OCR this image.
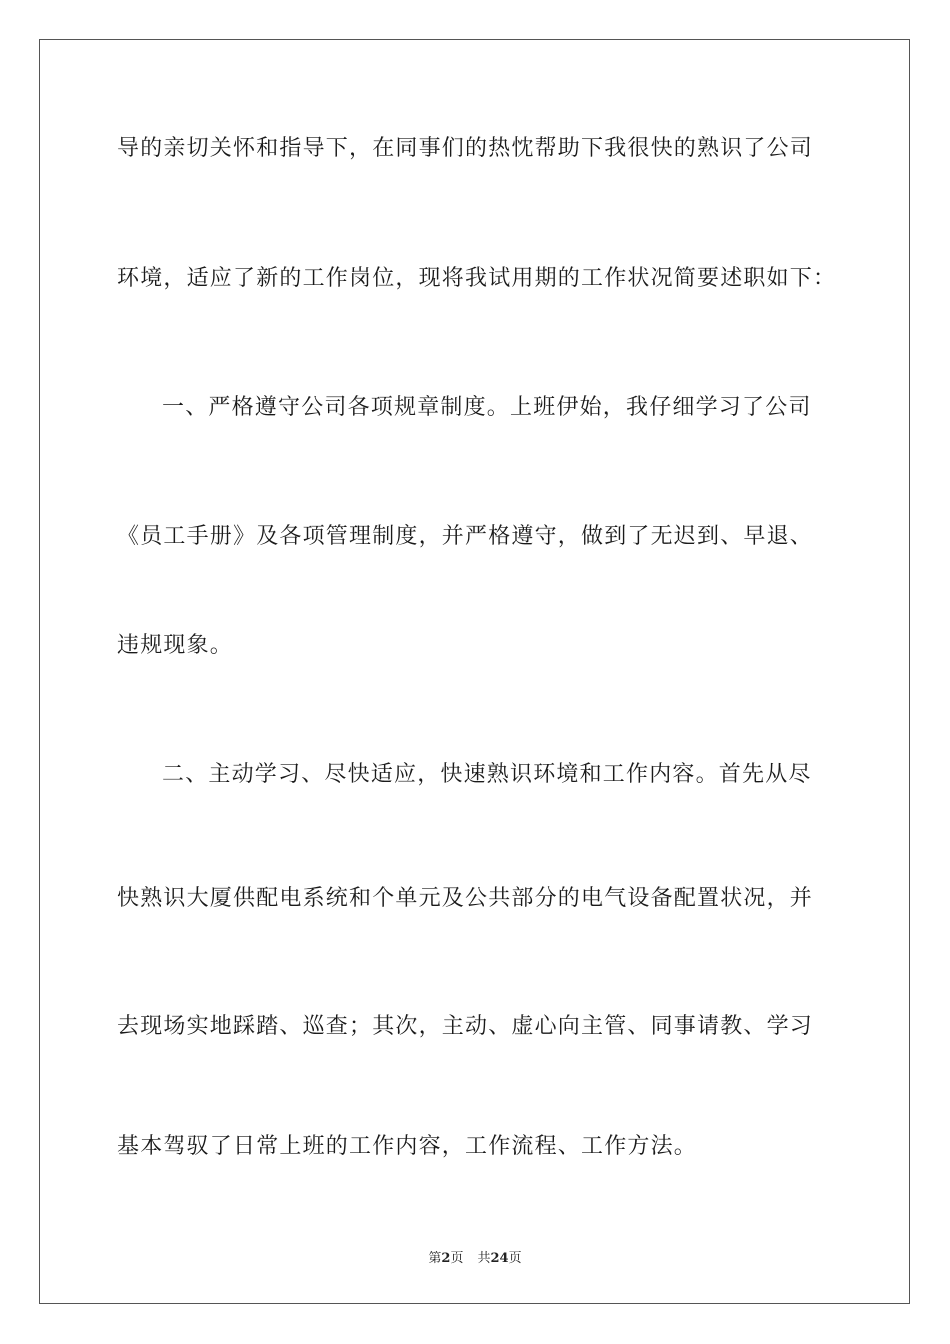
导的亲切关怀和指导下，在同事们的热忱帮助下我很快的熟识了公司
环境，适应了新的工作岗位，现将我试用期的工作状况简要述职如下：
一、严格遵守公司各项规章制度。上班伊始，我仔细学习了公司
《员工手册》及各项管理制度，并严格遵守，做到了无迟到、早退、
违规现象。
二、主动学习、尽快适应，快速熟识环境和工作内容。首先从尽
快熟识大厦供配电系统和个单元及公共部分的电气设备配置状况，并
去现场实地踩踏、巡查；其次，主动、虚心向主管、同事请教、学习
基本驾驭了日常上班的工作内容，工作流程、工作方法。
第2页 共24页
